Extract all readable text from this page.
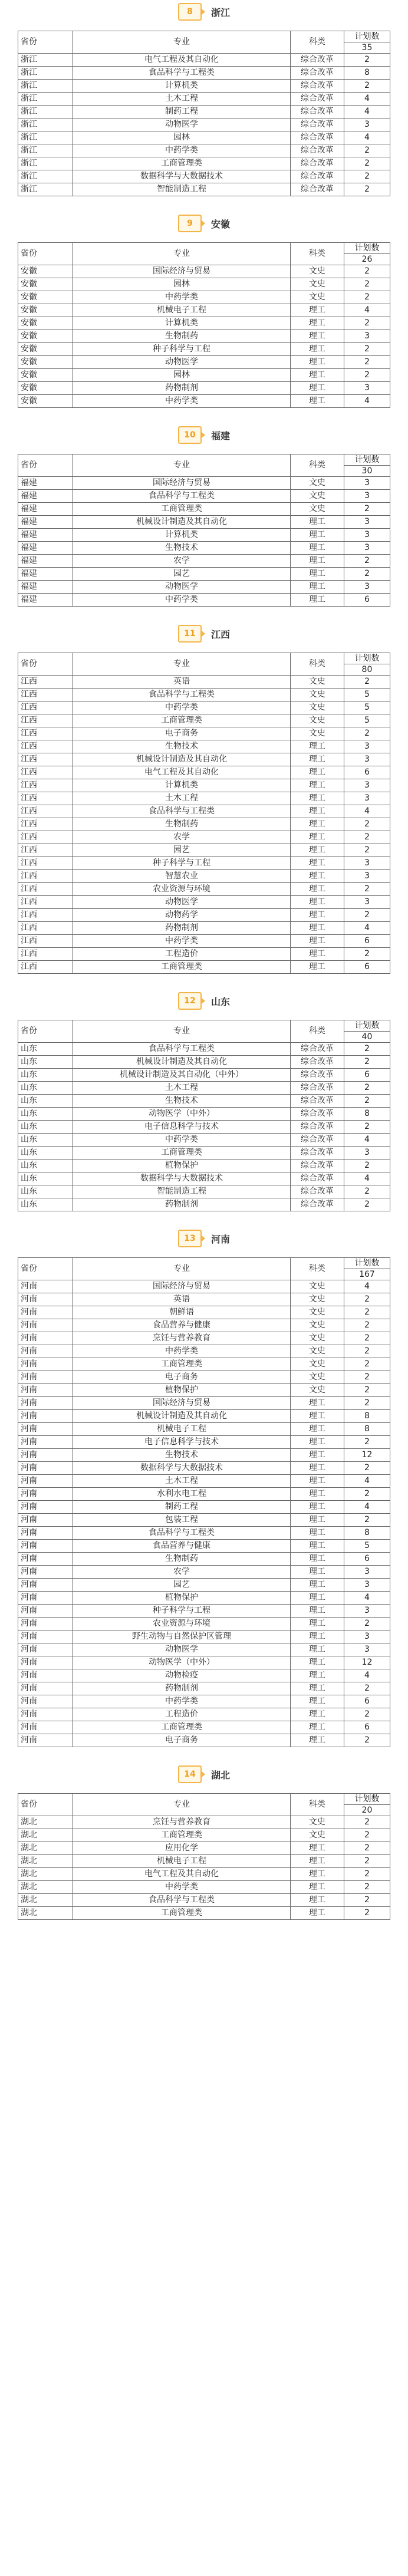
8	浙江
省份	专业	科类	计划数
35

浙江	电气工程及其自动化	综合改革	2
浙江	食品科学与工程类	综合改革	8
浙江	计算机类	综合改革	2
浙江	土木工程	综合改革	4
浙江	制药工程	综合改革	4
浙江	动物医学	综合改革	3
浙江	园林	综合改革	4
浙江	中药学类	综合改革	2
浙江	工商管理类	综合改革	2
浙江	数据科学与大数据技术	综合改革	2
浙江	智能制造工程	综合改革	2
9	安徽
省份	专业	科类	计划数
26

安徽	国际经济与贸易	文史	2
安徽	园林	文史	2
安徽	中药学类	文史	2
安徽	机械电子工程	理工	4
安徽	计算机类	理工	2
安徽	生物制药	理工	3
安徽	种子科学与工程	理工	2
安徽	动物医学	理工	2
安徽	园林	理工	2
安徽	药物制剂	理工	3
安徽	中药学类	理工	4
10	福建
省份	专业	科类	计划数
30

福建	国际经济与贸易	文史	3
福建	食品科学与工程类	文史	3
福建	工商管理类	文史	2
福建	机械设计制造及其自动化	理工	3
福建	计算机类	理工	3
福建	生物技术	理工	3
福建	农学	理工	2
福建	园艺	理工	2
福建	动物医学	理工	3
福建	中药学类	理工	6
11	江西
省份	专业	科类	计划数
80

江西	英语	文史	2
江西	食品科学与工程类	文史	5
江西	中药学类	文史	5
江西	工商管理类	文史	5
江西	电子商务	文史	2
江西	生物技术	理工	3
江西	机械设计制造及其自动化	理工	3
江西	电气工程及其自动化	理工	6
江西	计算机类	理工	3
江西	土木工程	理工	3
江西	食品科学与工程类	理工	4
江西	生物制药	理工	2
江西	农学	理工	2
江西	园艺	理工	2
江西	种子科学与工程	理工	3
江西	智慧农业	理工	3
江西	农业资源与环境	理工	2
江西	动物医学	理工	3
江西	动物药学	理工	2
江西	药物制剂	理工	4
江西	中药学类	理工	6
江西	工程造价	理工	2
江西	工商管理类	理工	6
12	山东
省份	专业	科类	计划数
40

山东	食品科学与工程类	综合改革	2
山东	机械设计制造及其自动化	综合改革	2
山东	机械设计制造及其自动化（中外）	综合改革	6
山东	土木工程	综合改革	2
山东	生物技术	综合改革	2
山东	动物医学（中外）	综合改革	8
山东	电子信息科学与技术	综合改革	2
山东	中药学类	综合改革	4
山东	工商管理类	综合改革	3
山东	植物保护	综合改革	2
山东	数据科学与大数据技术	综合改革	4
山东	智能制造工程	综合改革	2
山东	药物制剂	综合改革	2
13	河南
省份	专业	科类	计划数
167

河南	国际经济与贸易	文史	4
河南	英语	文史	2
河南	朝鲜语	文史	2
河南	食品营养与健康	文史	2
河南	烹饪与营养教育	文史	2
河南	中药学类	文史	2
河南	工商管理类	文史	2
河南	电子商务	文史	2
河南	植物保护	文史	2
河南	国际经济与贸易	理工	2
河南	机械设计制造及其自动化	理工	8
河南	机械电子工程	理工	8
河南	电子信息科学与技术	理工	2
河南	生物技术	理工	12
河南	数据科学与大数据技术	理工	2
河南	土木工程	理工	4
河南	水利水电工程	理工	2
河南	制药工程	理工	4
河南	包装工程	理工	2
河南	食品科学与工程类	理工	8
河南	食品营养与健康	理工	5
河南	生物制药	理工	6
河南	农学	理工	3
河南	园艺	理工	3
河南	植物保护	理工	4
河南	种子科学与工程	理工	3
河南	农业资源与环境	理工	2
河南	野生动物与自然保护区管理	理工	3
河南	动物医学	理工	3
河南	动物医学（中外）	理工	12
河南	动物检疫	理工	4
河南	药物制剂	理工	2
河南	中药学类	理工	6
河南	工程造价	理工	2
河南	工商管理类	理工	6
河南	电子商务	理工	2
14	湖北
省份	专业	科类	计划数
20

湖北	烹饪与营养教育	文史	2
湖北	工商管理类	文史	2
湖北	应用化学	理工	2
湖北	机械电子工程	理工	2
湖北	电气工程及其自动化	理工	2
湖北	中药学类	理工	2
湖北	食品科学与工程类	理工	2
湖北	工商管理类	理工	2
